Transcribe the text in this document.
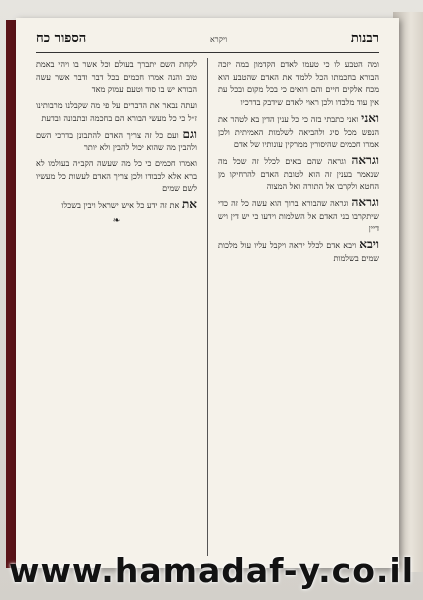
רבנות
ויקרא
הספור כח

ומה הטבע לו כי טעמו לאדם הקדמון במה יזכה הבורא בחכמתו הכל ללמד את האדם שהטבע הוא מכח אלקים חיים והם רואים כי בכל מקום ובכל עת אין עוד מלבדו ולכן ראוי לאדם שידבק בדרכיו

ואני ואני כתבתי בזה כי כל ענין הדין בא לטהר את הנפש מכל סיג ולהביאה לשלמות האמיתית ולכן אמרו חכמים שהיסורין ממרקין עונותיו של אדם

וגראה וגראה שהם באים לכלל זה שכל מה שנאמר בענין זה הוא לטובת האדם להרחיקו מן החטא ולקרבו אל התורה ואל המצוה

וגראה וגראה שהבורא ברוך הוא עשה כל זה כדי שיתקרבו בני האדם אל השלמות וידעו כי יש דין ויש דיין

ויבא ויבא אדם לכלל יראה ויקבל עליו עול מלכות שמים בשלמות

לקחת השם יתברך בעולם וכל אשר בו ויהי באמת טוב והנה אמרו חכמים בכל דבר ודבר אשר עשה הבורא יש בו סוד וטעם עמוק מאד

ועתה נבאר את הדברים על פי מה שקבלנו מרבותינו ז״ל כי כל מעשי הבורא הם בחכמה ובתבונה ובדעת

וגם ועם כל זה צריך האדם להתבונן בדרכי השם ולהבין מה שהוא יכול להבין ולא יותר

ואמרו חכמים כי כל מה שעשה הקב״ה בעולמו לא ברא אלא לכבודו ולכן צריך האדם לעשות כל מעשיו לשם שמים

את את זה ידע כל איש ישראל ויבין בשכלו

❧
www.hamadaf-y.co.il
